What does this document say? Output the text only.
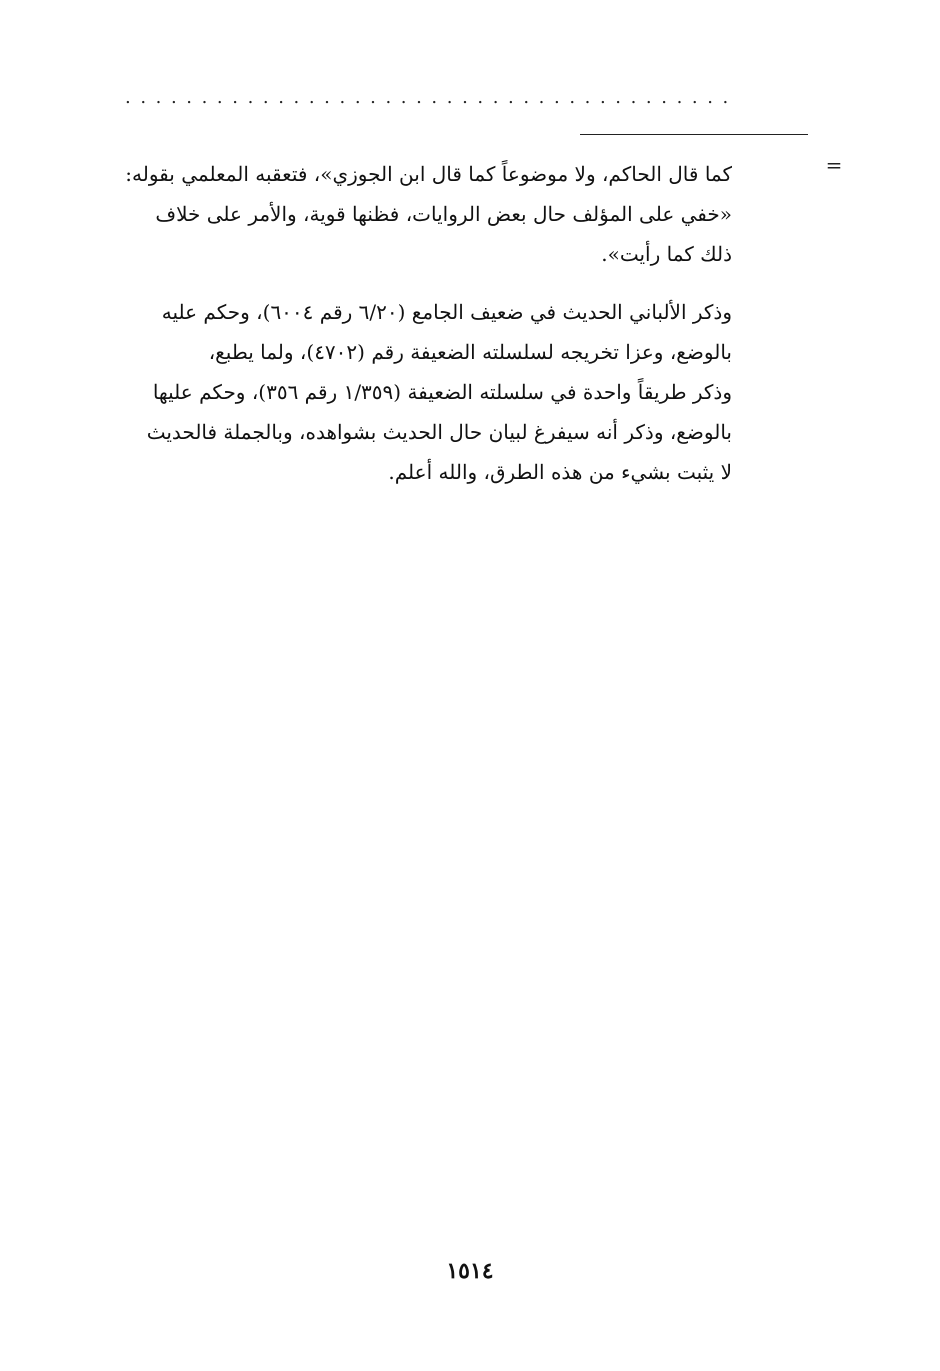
........................................
=
كما قال الحاكم، ولا موضوعاً كما قال ابن الجوزي»، فتعقبه المعلمي بقوله:
«خفي على المؤلف حال بعض الروايات، فظنها قوية، والأمر على خلاف
ذلك كما رأيت».
وذكر الألباني الحديث في ضعيف الجامع (٦/٢٠ رقم ٦٠٠٤)، وحكم عليه
بالوضع، وعزا تخريجه لسلسلته الضعيفة رقم (٤٧٠٢)، ولما يطبع،
وذكر طريقاً واحدة في سلسلته الضعيفة (١/٣٥٩ رقم ٣٥٦)، وحكم عليها
بالوضع، وذكر أنه سيفرغ لبيان حال الحديث بشواهده، وبالجملة فالحديث
لا يثبت بشيء من هذه الطرق، والله أعلم.
١٥١٤
